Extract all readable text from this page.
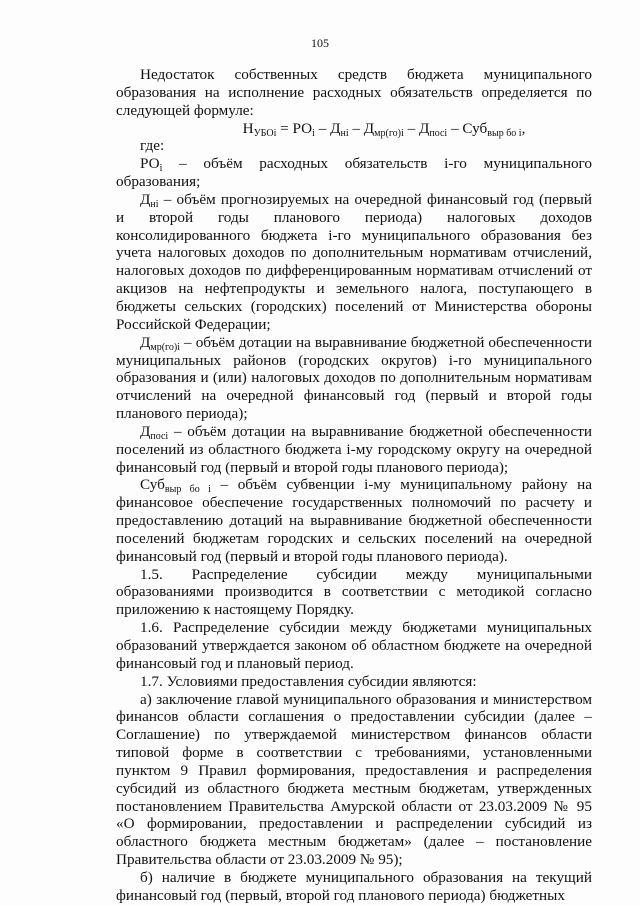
105

Недостаток собственных средств бюджета муниципального образования на исполнение расходных обязательств определяется по следующей формуле:

$Н_{УБОi} = РО_i - Д_{нi} - Д_{мр(го)i} - Д_{посi} - Суб_{выр бо i}$,

где:

$РО_i$ – объём расходных обязательств i-го муниципального образования;

$Д_{нi}$ – объём прогнозируемых на очередной финансовый год (первый и второй годы планового периода) налоговых доходов консолидированного бюджета i-го муниципального образования без учета налоговых доходов по дополнительным нормативам отчислений, налоговых доходов по дифференцированным нормативам отчислений от акцизов на нефтепродукты и земельного налога, поступающего в бюджеты сельских (городских) поселений от Министерства обороны Российской Федерации;

$Д_{мр(го)i}$ – объём дотации на выравнивание бюджетной обеспеченности муниципальных районов (городских округов) i-го муниципального образования и (или) налоговых доходов по дополнительным нормативам отчислений на очередной финансовый год (первый и второй годы планового периода);

$Д_{посi}$ – объём дотации на выравнивание бюджетной обеспеченности поселений из областного бюджета i-му городскому округу на очередной финансовый год (первый и второй годы планового периода);

Суб$_{выр бо i}$ – объём субвенции i-му муниципальному району на финансовое обеспечение государственных полномочий по расчету и предоставлению дотаций на выравнивание бюджетной обеспеченности поселений бюджетам городских и сельских поселений на очередной финансовый год (первый и второй годы планового периода).

1.5. Распределение субсидии между муниципальными образованиями производится в соответствии с методикой согласно приложению к настоящему Порядку.

1.6. Распределение субсидии между бюджетами муниципальных образований утверждается законом об областном бюджете на очередной финансовый год и плановый период.

1.7. Условиями предоставления субсидии являются:

а) заключение главой муниципального образования и министерством финансов области соглашения о предоставлении субсидии (далее – Соглашение) по утверждаемой министерством финансов области типовой форме в соответствии с требованиями, установленными пунктом 9 Правил формирования, предоставления и распределения субсидий из областного бюджета местным бюджетам, утвержденных постановлением Правительства Амурской области от 23.03.2009 № 95 «О формировании, предоставлении и распределении субсидий из областного бюджета местным бюджетам» (далее – постановление Правительства области от 23.03.2009 № 95);

б) наличие в бюджете муниципального образования на текущий финансовый год (первый, второй год планового периода) бюджетных
